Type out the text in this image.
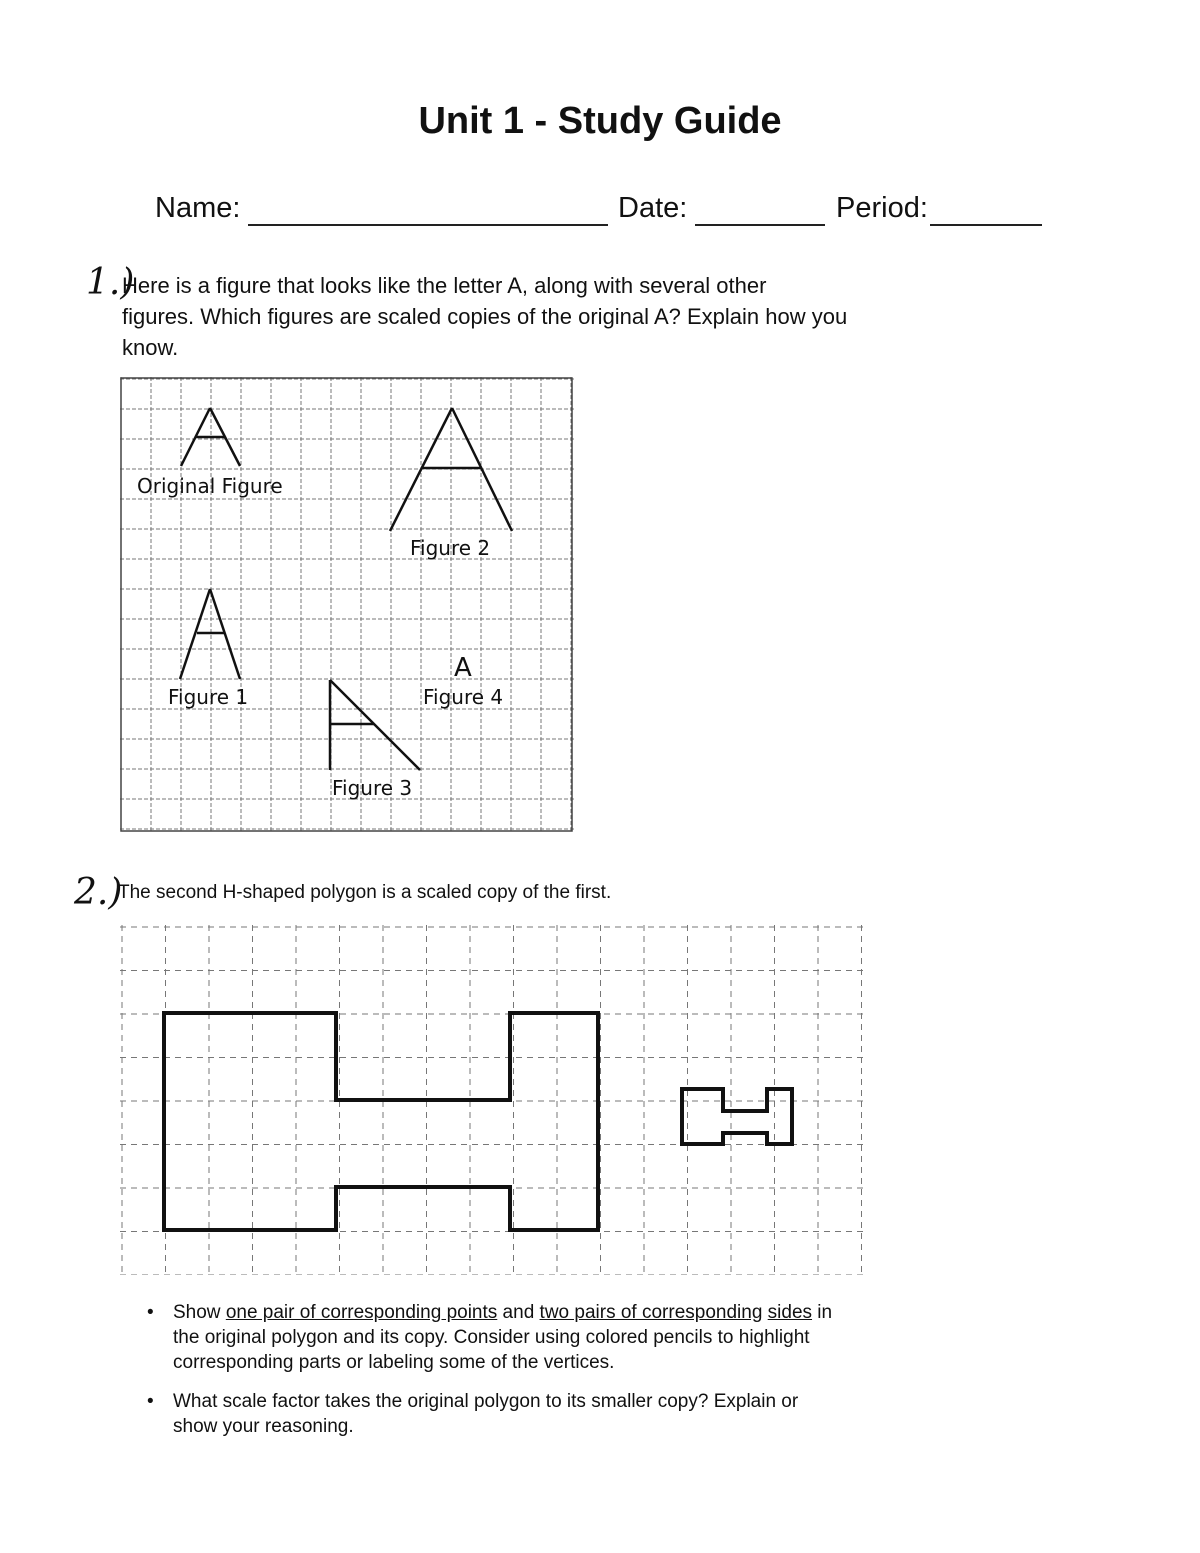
Unit 1 - Study Guide
Name:	Date:	Period:
1.)
Here is a figure that looks like the letter A, along with several other
figures. Which figures are scaled copies of the original A? Explain how you
know.
Original Figure
Figure 2
Figure 1
A
Figure 4
Figure 3
2.)
The second H-shaped polygon is a scaled copy of the first.
• Show one pair of corresponding points and two pairs of corresponding sides in the original polygon and its copy. Consider using colored pencils to highlight corresponding parts or labeling some of the vertices.
• What scale factor takes the original polygon to its smaller copy? Explain or show your reasoning.
